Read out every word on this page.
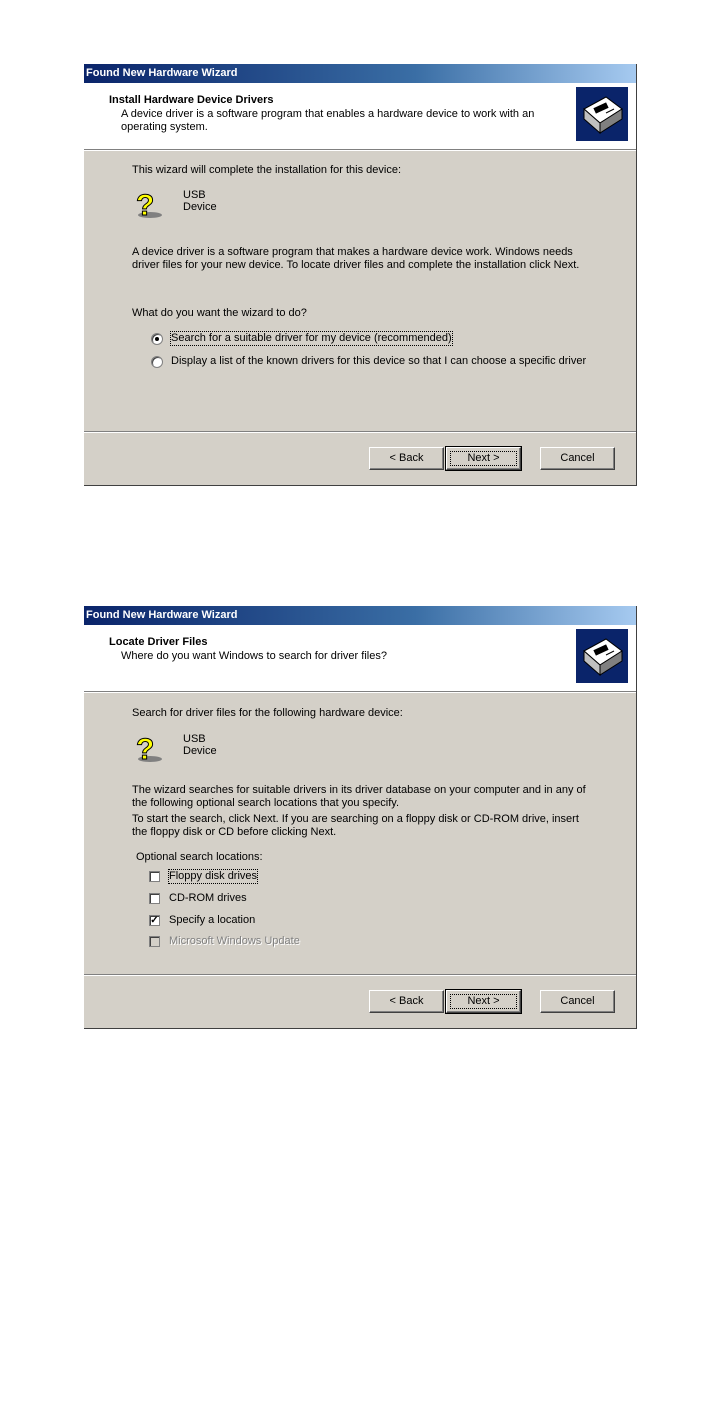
Found New Hardware Wizard
Install Hardware Device Drivers
A device driver is a software program that enables a hardware device to work with an operating system.
This wizard will complete the installation for this device:
?	USB Device
A device driver is a software program that makes a hardware device work. Windows needs driver files for your new device. To locate driver files and complete the installation click Next.
What do you want the wizard to do?
Search for a suitable driver for my device (recommended)
Display a list of the known drivers for this device so that I can choose a specific driver
< Back	Next >	Cancel
Found New Hardware Wizard
Locate Driver Files
Where do you want Windows to search for driver files?
Search for driver files for the following hardware device:
?	USB Device
The wizard searches for suitable drivers in its driver database on your computer and in any of the following optional search locations that you specify.
To start the search, click Next. If you are searching on a floppy disk or CD-ROM drive, insert the floppy disk or CD before clicking Next.
Optional search locations:
Floppy disk drives
CD-ROM drives
✓ Specify a location
Microsoft Windows Update
< Back	Next >	Cancel
